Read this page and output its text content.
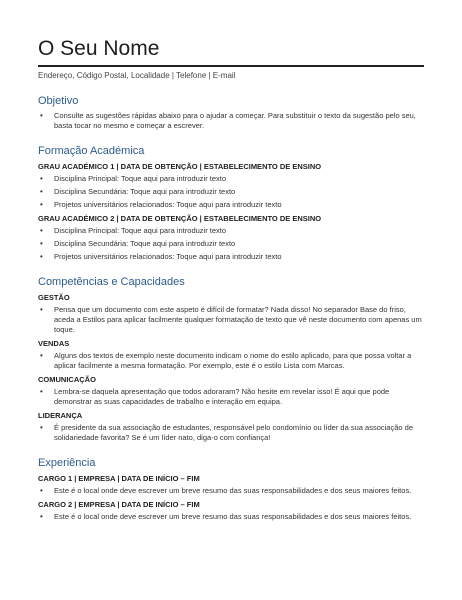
O Seu Nome

Endereço, Código Postal, Localidade | Telefone | E-mail

Objetivo
• Consulte as sugestões rápidas abaixo para o ajudar a começar. Para substituir o texto da sugestão pelo seu, basta tocar no mesmo e começar a escrever.
Formação Académica
GRAU ACADÉMICO 1 | DATA DE OBTENÇÃO | ESTABELECIMENTO DE ENSINO
• Disciplina Principal: Toque aqui para introduzir texto
• Disciplina Secundária: Toque aqui para introduzir texto
• Projetos universitários relacionados: Toque aqui para introduzir texto
GRAU ACADÉMICO 2 | DATA DE OBTENÇÃO | ESTABELECIMENTO DE ENSINO
• Disciplina Principal: Toque aqui para introduzir texto
• Disciplina Secundária: Toque aqui para introduzir texto
• Projetos universitários relacionados: Toque aqui para introduzir texto
Competências e Capacidades
GESTÃO
• Pensa que um documento com este aspeto é difícil de formatar? Nada disso! No separador Base do friso, aceda a Estilos para aplicar facilmente qualquer formatação de texto que vê neste documento com apenas um toque.
VENDAS
• Alguns dos textos de exemplo neste documento indicam o nome do estilo aplicado, para que possa voltar a aplicar facilmente a mesma formatação. Por exemplo, este é o estilo Lista com Marcas.
COMUNICAÇÃO
• Lembra-se daquela apresentação que todos adoraram? Não hesite em revelar isso! É aqui que pode demonstrar as suas capacidades de trabalho e interação em equipa.
LIDERANÇA
• É presidente da sua associação de estudantes, responsável pelo condomínio ou líder da sua associação de solidariedade favorita? Se é um líder nato, diga-o com confiança!
Experiência
CARGO 1 | EMPRESA | DATA DE INÍCIO – FIM
• Este é o local onde deve escrever um breve resumo das suas responsabilidades e dos seus maiores feitos.
CARGO 2 | EMPRESA | DATA DE INÍCIO – FIM
• Este é o local onde deve escrever um breve resumo das suas responsabilidades e dos seus maiores feitos.
